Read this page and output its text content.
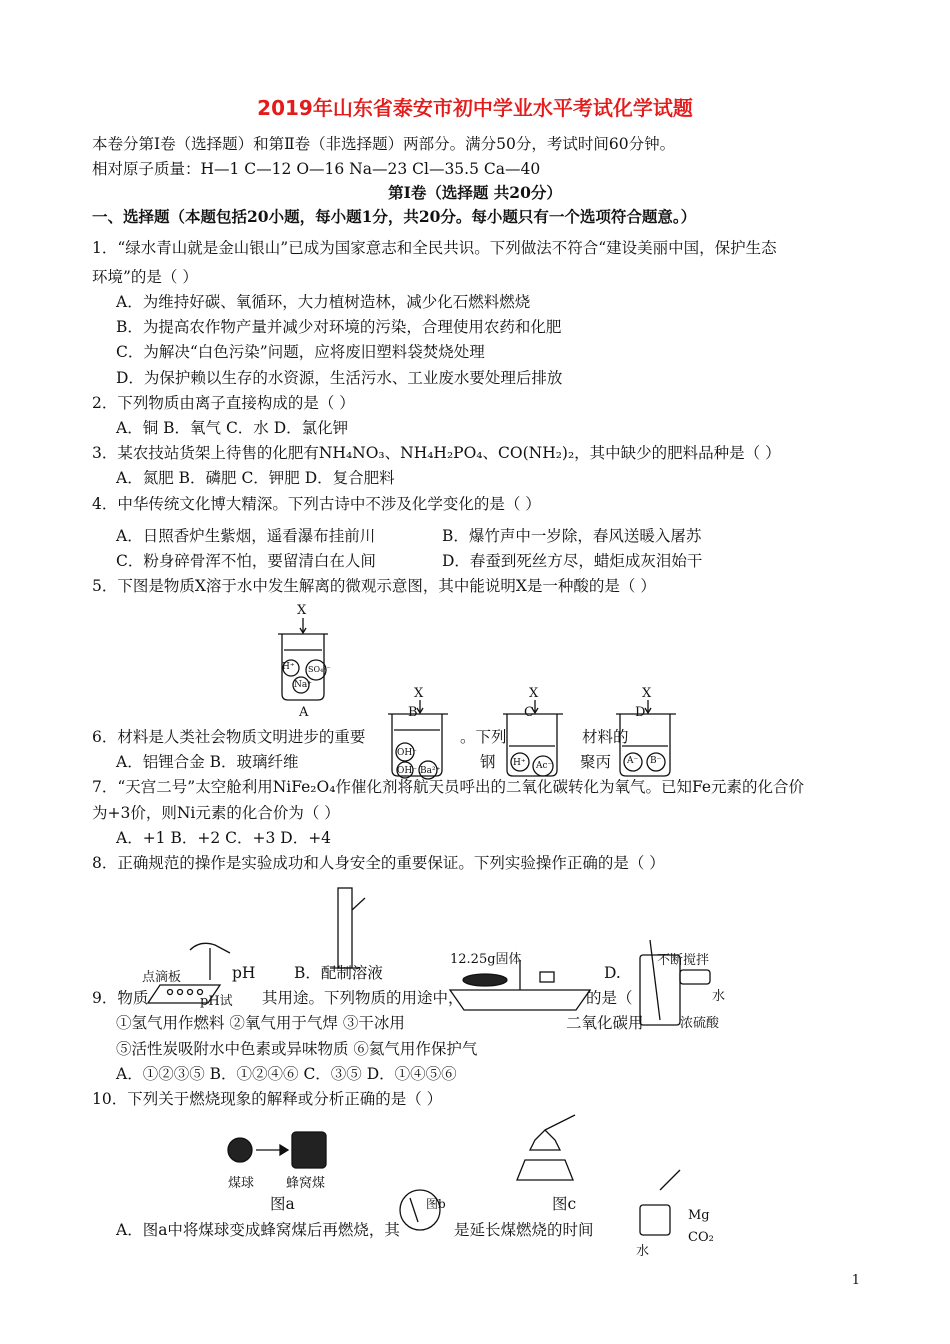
2019年山东省泰安市初中学业水平考试化学试题
本卷分第Ⅰ卷（选择题）和第Ⅱ卷（非选择题）两部分。满分50分，考试时间60分钟。
相对原子质量：H—1 C—12 O—16 Na—23 Cl—35.5 Ca—40
第Ⅰ卷（选择题 共20分）
一、选择题（本题包括20小题，每小题1分，共20分。每小题只有一个选项符合题意。）
1．“绿水青山就是金山银山”已成为国家意志和全民共识。下列做法不符合“建设美丽中国，保护生态
环境”的是（ ）
A．为维持好碳、氧循环，大力植树造林，减少化石燃料燃烧
B．为提高农作物产量并减少对环境的污染，合理使用农药和化肥
C．为解决“白色污染”问题，应将废旧塑料袋焚烧处理
D．为保护赖以生存的水资源，生活污水、工业废水要处理后排放
2．下列物质由离子直接构成的是（ ）
A．铜 B．氧气 C．水 D．氯化钾
3．某农技站货架上待售的化肥有NH₄NO₃、NH₄H₂PO₄、CO(NH₂)₂，其中缺少的肥料品种是（ ）
A．氮肥 B．磷肥 C．钾肥 D．复合肥料
4．中华传统文化博大精深。下列古诗中不涉及化学变化的是（ ）
A．日照香炉生紫烟，遥看瀑布挂前川	B．爆竹声中一岁除，春风送暖入屠苏
C．粉身碎骨浑不怕，要留清白在人间	D．春蚕到死丝方尽，蜡炬成灰泪始干
5．下图是物质X溶于水中发生解离的微观示意图，其中能说明X是一种酸的是（ ）
X
H⁺ SO₄²⁻
Na⁺
A
X
B
OH⁻
OH⁻ Ba²⁺
X
C
H⁺ Ac⁻
X
D
A⁻ B⁻
6．材料是人类社会物质文明进步的重要	。下列	材料的
A．铝锂合金 B．玻璃纤维	钢	聚丙
7．“天宫二号”太空舱利用NiFe₂O₄作催化剂将航天员呼出的二氧化碳转化为氧气。已知Fe元素的化合价
为+3价，则Ni元素的化合价为（ ）
A．+1 B．+2 C．+3 D．+4
8．正确规范的操作是实验成功和人身安全的重要保证。下列实验操作正确的是（ ）
点滴板
pH试
pH B．配制溶液
12.25g固体
D.
不断搅拌
水
浓硫酸
9．物质	其用途。下列物质的用途中，	的是（
①氢气用作燃料 ②氧气用于气焊 ③干冰用	二氧化碳用
⑤活性炭吸附水中色素或异味物质 ⑥氦气用作保护气
A．①②③⑤ B．①②④⑥ C．③⑤ D．①④⑤⑥
10．下列关于燃烧现象的解释或分析正确的是（ ）
煤球 蜂窝煤
图a	图b	图c
Mg
CO₂
水
A．图a中将煤球变成蜂窝煤后再燃烧，其	是延长煤燃烧的时间
1
